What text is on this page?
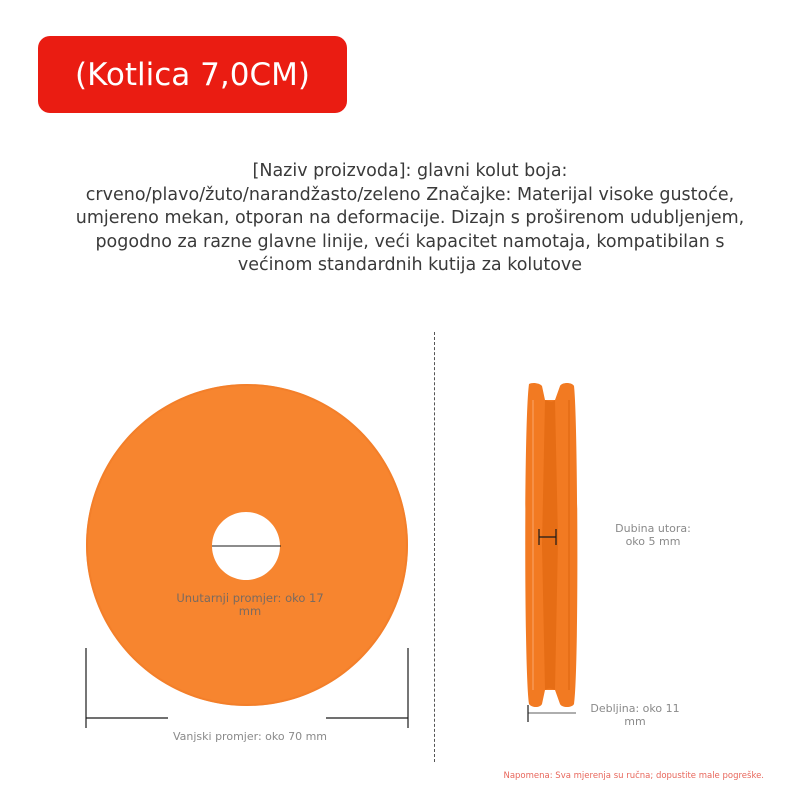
(Kotlica 7,0CM)
[Naziv proizvoda]: glavni kolut boja:
crveno/plavo/žuto/narandžasto/zeleno Značajke: Materijal visoke gustoće,
umjereno mekan, otporan na deformacije. Dizajn s proširenom udubljenjem,
pogodno za razne glavne linije, veći kapacitet namotaja, kompatibilan s
većinom standardnih kutija za kolutove
Unutarnji promjer: oko 17
mm
Vanjski promjer: oko 70 mm
Dubina utora:
oko 5 mm
Debljina: oko 11
mm
Napomena: Sva mjerenja su ručna; dopustite male pogreške.
